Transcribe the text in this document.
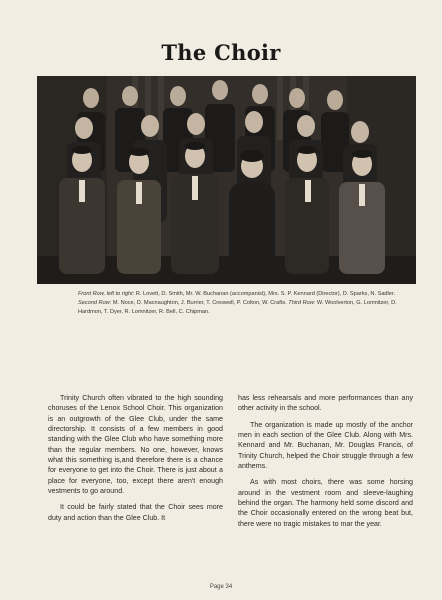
The Choir
Front Row, left to right: R. Lovett, D. Smith, Mr. W. Buchanan (accompanist), Mrs. S. P. Kennard (Director), D. Sparks, N. Sadler. Second Row: M. Noce, D. Macnaughton, J. Burrier, T. Creswell, P. Colton, W. Crafts. Third Row: W. Woolverton, G. Lomnitzer, D. Hardmon, T. Dyer, R. Lomnitzer, R. Bell, C. Chipman.

Trinity Church often vibrated to the high sounding choruses of the Lenox School Choir. This organization is an outgrowth of the Glee Club, under the same directorship. It consists of a few members in good standing with the Glee Club who have something more than the regular members. No one, however, knows what this something is,and therefore there is a chance for everyone to get into the Choir. There is just about a place for everyone, too, except there aren't enough vestments to go around.

It could be fairly stated that the Choir sees more duty and action than the Glee Club. It

has less rehearsals and more performances than any other activity in the school.

The organization is made up mostly of the anchor men in each section of the Glee Club. Along with Mrs. Kennard and Mr. Buchanan, Mr. Douglas Francis, of Trinity Church, helped the Choir struggle through a few anthems.

As with most choirs, there was some horsing around in the vestment room and sleeve-laughing behind the organ. The harmony held some discord and the Choir occasionally entered on the wrong beat but, there were no tragic mistakes to mar the year.

Page 34
